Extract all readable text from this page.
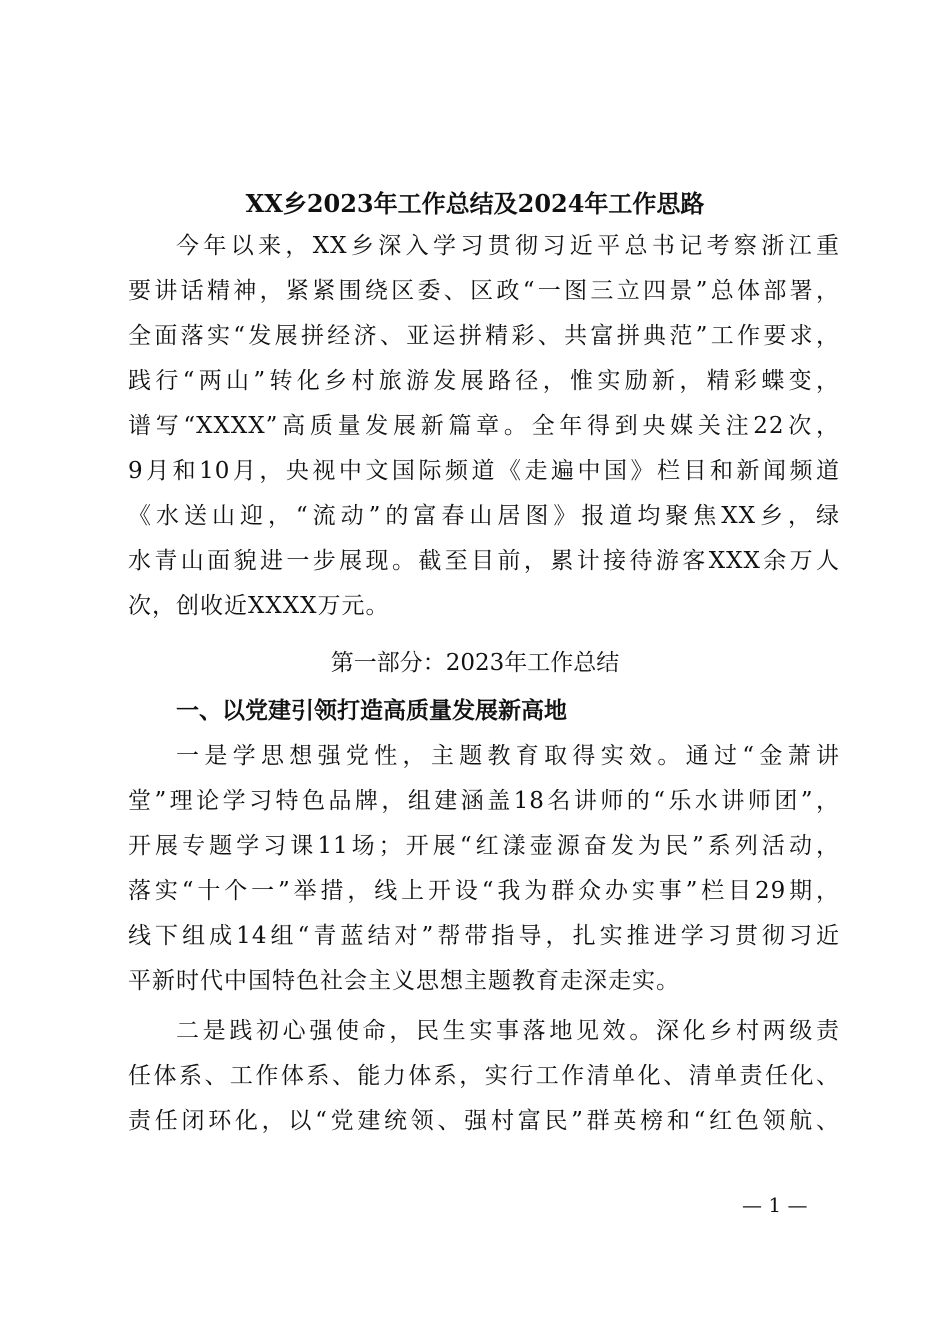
XX乡2023年工作总结及2024年工作思路
今年以来，XX乡深入学习贯彻习近平总书记考察浙江重
要讲话精神，紧紧围绕区委、区政“一图三立四景”总体部署，
全面落实“发展拼经济、亚运拼精彩、共富拼典范”工作要求，
践行“两山”转化乡村旅游发展路径，惟实励新，精彩蝶变，
谱写“XXXX”高质量发展新篇章。全年得到央媒关注22次，
9月和10月，央视中文国际频道《走遍中国》栏目和新闻频道
《水送山迎，“流动”的富春山居图》报道均聚焦XX乡，绿
水青山面貌进一步展现。截至目前，累计接待游客XXX余万人
次，创收近XXXX万元。
第一部分：2023年工作总结
一、以党建引领打造高质量发展新高地
一是学思想强党性，主题教育取得实效。通过“金萧讲
堂”理论学习特色品牌，组建涵盖18名讲师的“乐水讲师团”，
开展专题学习课11场；开展“红漾壶源奋发为民”系列活动，
落实“十个一”举措，线上开设“我为群众办实事”栏目29期，
线下组成14组“青蓝结对”帮带指导，扎实推进学习贯彻习近
平新时代中国特色社会主义思想主题教育走深走实。
二是践初心强使命，民生实事落地见效。深化乡村两级责
任体系、工作体系、能力体系，实行工作清单化、清单责任化、
责任闭环化，以“党建统领、强村富民”群英榜和“红色领航、
— 1 —
